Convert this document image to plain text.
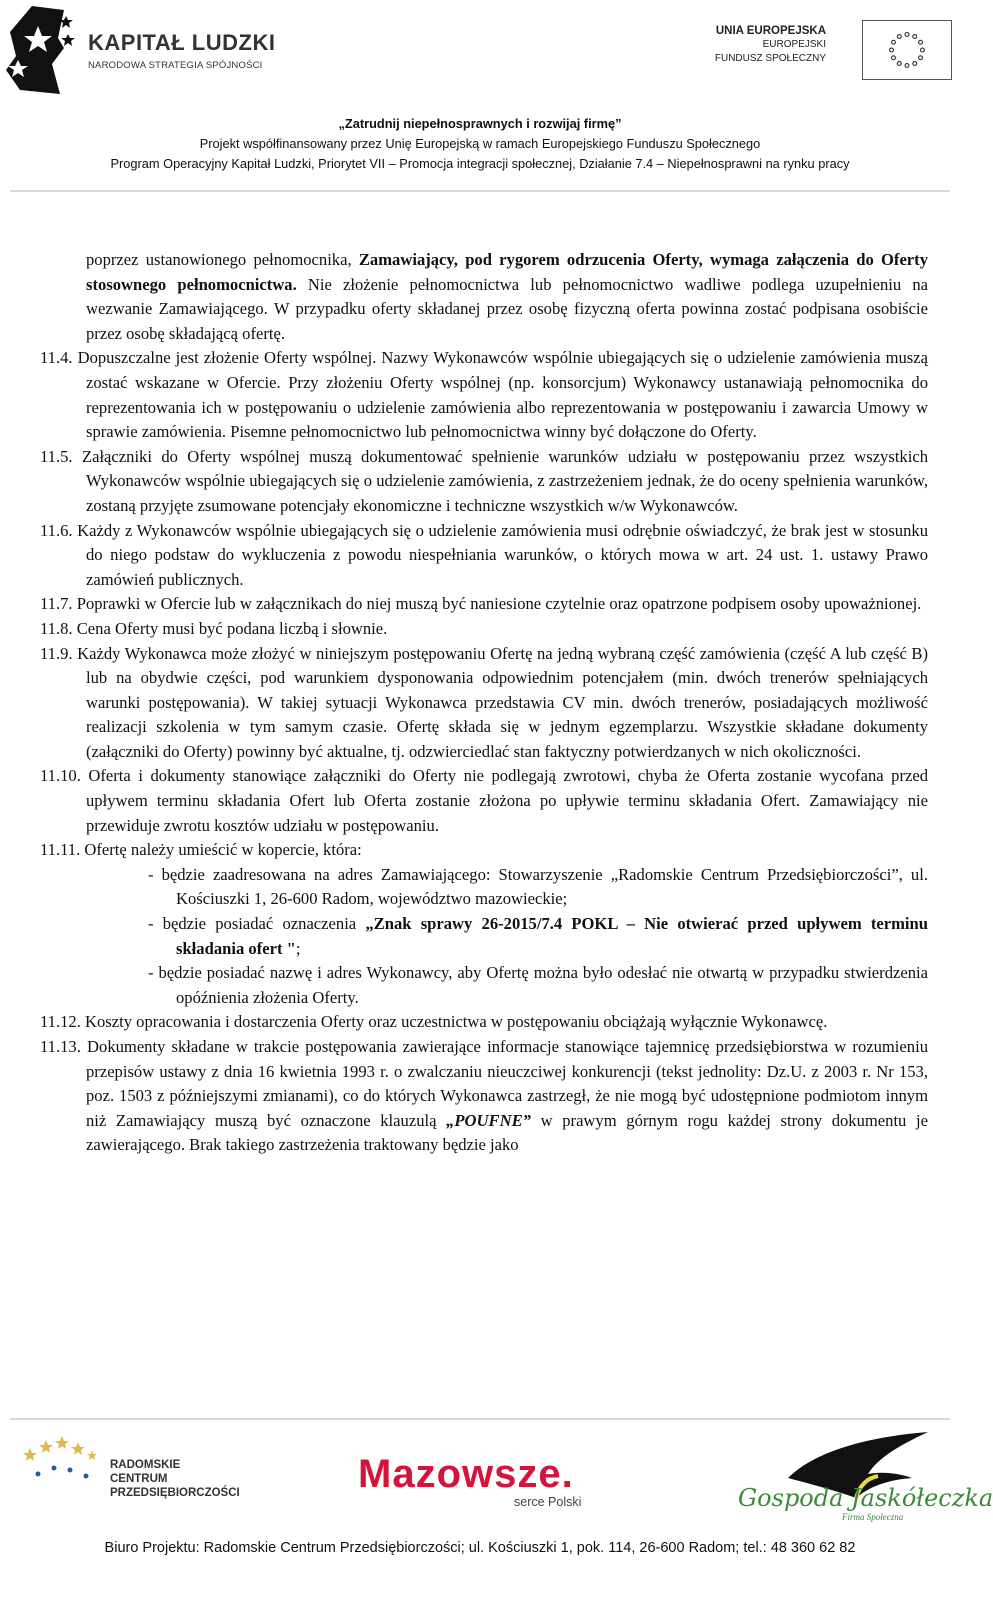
KAPITAŁ LUDZKI
NARODOWA STRATEGIA SPÓJNOŚCI
UNIA EUROPEJSKA
EUROPEJSKI
FUNDUSZ SPOŁECZNY
„Zatrudnij niepełnosprawnych i rozwijaj firmę”
Projekt współfinansowany przez Unię Europejską w ramach Europejskiego Funduszu Społecznego
Program Operacyjny Kapitał Ludzki, Priorytet VII – Promocja integracji społecznej, Działanie 7.4 – Niepełnosprawni na rynku pracy

poprzez ustanowionego pełnomocnika, Zamawiający, pod rygorem odrzucenia Oferty, wymaga załączenia do Oferty stosownego pełnomocnictwa. Nie złożenie pełnomocnictwa lub pełnomocnictwo wadliwe podlega uzupełnieniu na wezwanie Zamawiającego. W przypadku oferty składanej przez osobę fizyczną oferta powinna zostać podpisana osobiście przez osobę składającą ofertę.

11.4. Dopuszczalne jest złożenie Oferty wspólnej. Nazwy Wykonawców wspólnie ubiegających się o udzielenie zamówienia muszą zostać wskazane w Ofercie. Przy złożeniu Oferty wspólnej (np. konsorcjum) Wykonawcy ustanawiają pełnomocnika do reprezentowania ich w postępowaniu o udzielenie zamówienia albo reprezentowania w postępowaniu i zawarcia Umowy w sprawie zamówienia. Pisemne pełnomocnictwo lub pełnomocnictwa winny być dołączone do Oferty.

11.5. Załączniki do Oferty wspólnej muszą dokumentować spełnienie warunków udziału w postępowaniu przez wszystkich Wykonawców wspólnie ubiegających się o udzielenie zamówienia, z zastrzeżeniem jednak, że do oceny spełnienia warunków, zostaną przyjęte zsumowane potencjały ekonomiczne i techniczne wszystkich w/w Wykonawców.

11.6. Każdy z Wykonawców wspólnie ubiegających się o udzielenie zamówienia musi odrębnie oświadczyć, że brak jest w stosunku do niego podstaw do wykluczenia z powodu niespełniania warunków, o których mowa w art. 24 ust. 1. ustawy Prawo zamówień publicznych.

11.7. Poprawki w Ofercie lub w załącznikach do niej muszą być naniesione czytelnie oraz opatrzone podpisem osoby upoważnionej.

11.8. Cena Oferty musi być podana liczbą i słownie.

11.9. Każdy Wykonawca może złożyć w niniejszym postępowaniu Ofertę na jedną wybraną część zamówienia (część A lub część B) lub na obydwie części, pod warunkiem dysponowania odpowiednim potencjałem (min. dwóch trenerów spełniających warunki postępowania). W takiej sytuacji Wykonawca przedstawia CV min. dwóch trenerów, posiadających możliwość realizacji szkolenia w tym samym czasie. Ofertę składa się w jednym egzemplarzu. Wszystkie składane dokumenty (załączniki do Oferty) powinny być aktualne, tj. odzwierciedlać stan faktyczny potwierdzanych w nich okoliczności.

11.10. Oferta i dokumenty stanowiące załączniki do Oferty nie podlegają zwrotowi, chyba że Oferta zostanie wycofana przed upływem terminu składania Ofert lub Oferta zostanie złożona po upływie terminu składania Ofert. Zamawiający nie przewiduje zwrotu kosztów udziału w postępowaniu.

11.11. Ofertę należy umieścić w kopercie, która:

- będzie zaadresowana na adres Zamawiającego: Stowarzyszenie „Radomskie Centrum Przedsiębiorczości”, ul. Kościuszki 1, 26-600 Radom, województwo mazowieckie;

- będzie posiadać oznaczenia „Znak sprawy 26-2015/7.4 POKL – Nie otwierać przed upływem terminu składania ofert ";

- będzie posiadać nazwę i adres Wykonawcy, aby Ofertę można było odesłać nie otwartą w przypadku stwierdzenia opóźnienia złożenia Oferty.

11.12. Koszty opracowania i dostarczenia Oferty oraz uczestnictwa w postępowaniu obciążają wyłącznie Wykonawcę.

11.13. Dokumenty składane w trakcie postępowania zawierające informacje stanowiące tajemnicę przedsiębiorstwa w rozumieniu przepisów ustawy z dnia 16 kwietnia 1993 r. o zwalczaniu nieuczciwej konkurencji (tekst jednolity: Dz.U. z 2003 r. Nr 153, poz. 1503 z późniejszymi zmianami), co do których Wykonawca zastrzegł, że nie mogą być udostępnione podmiotom innym niż Zamawiający muszą być oznaczone klauzulą „POUFNE” w prawym górnym rogu każdej strony dokumentu je zawierającego. Brak takiego zastrzeżenia traktowany będzie jako

RADOMSKIE
CENTRUM
PRZEDSIĘBIORCZOŚCI	Mazowsze.
serce Polski	Gospoda Jaskółeczka
Firma Społeczna
Biuro Projektu: Radomskie Centrum Przedsiębiorczości; ul. Kościuszki 1, pok. 114, 26-600 Radom; tel.: 48 360 62 82
